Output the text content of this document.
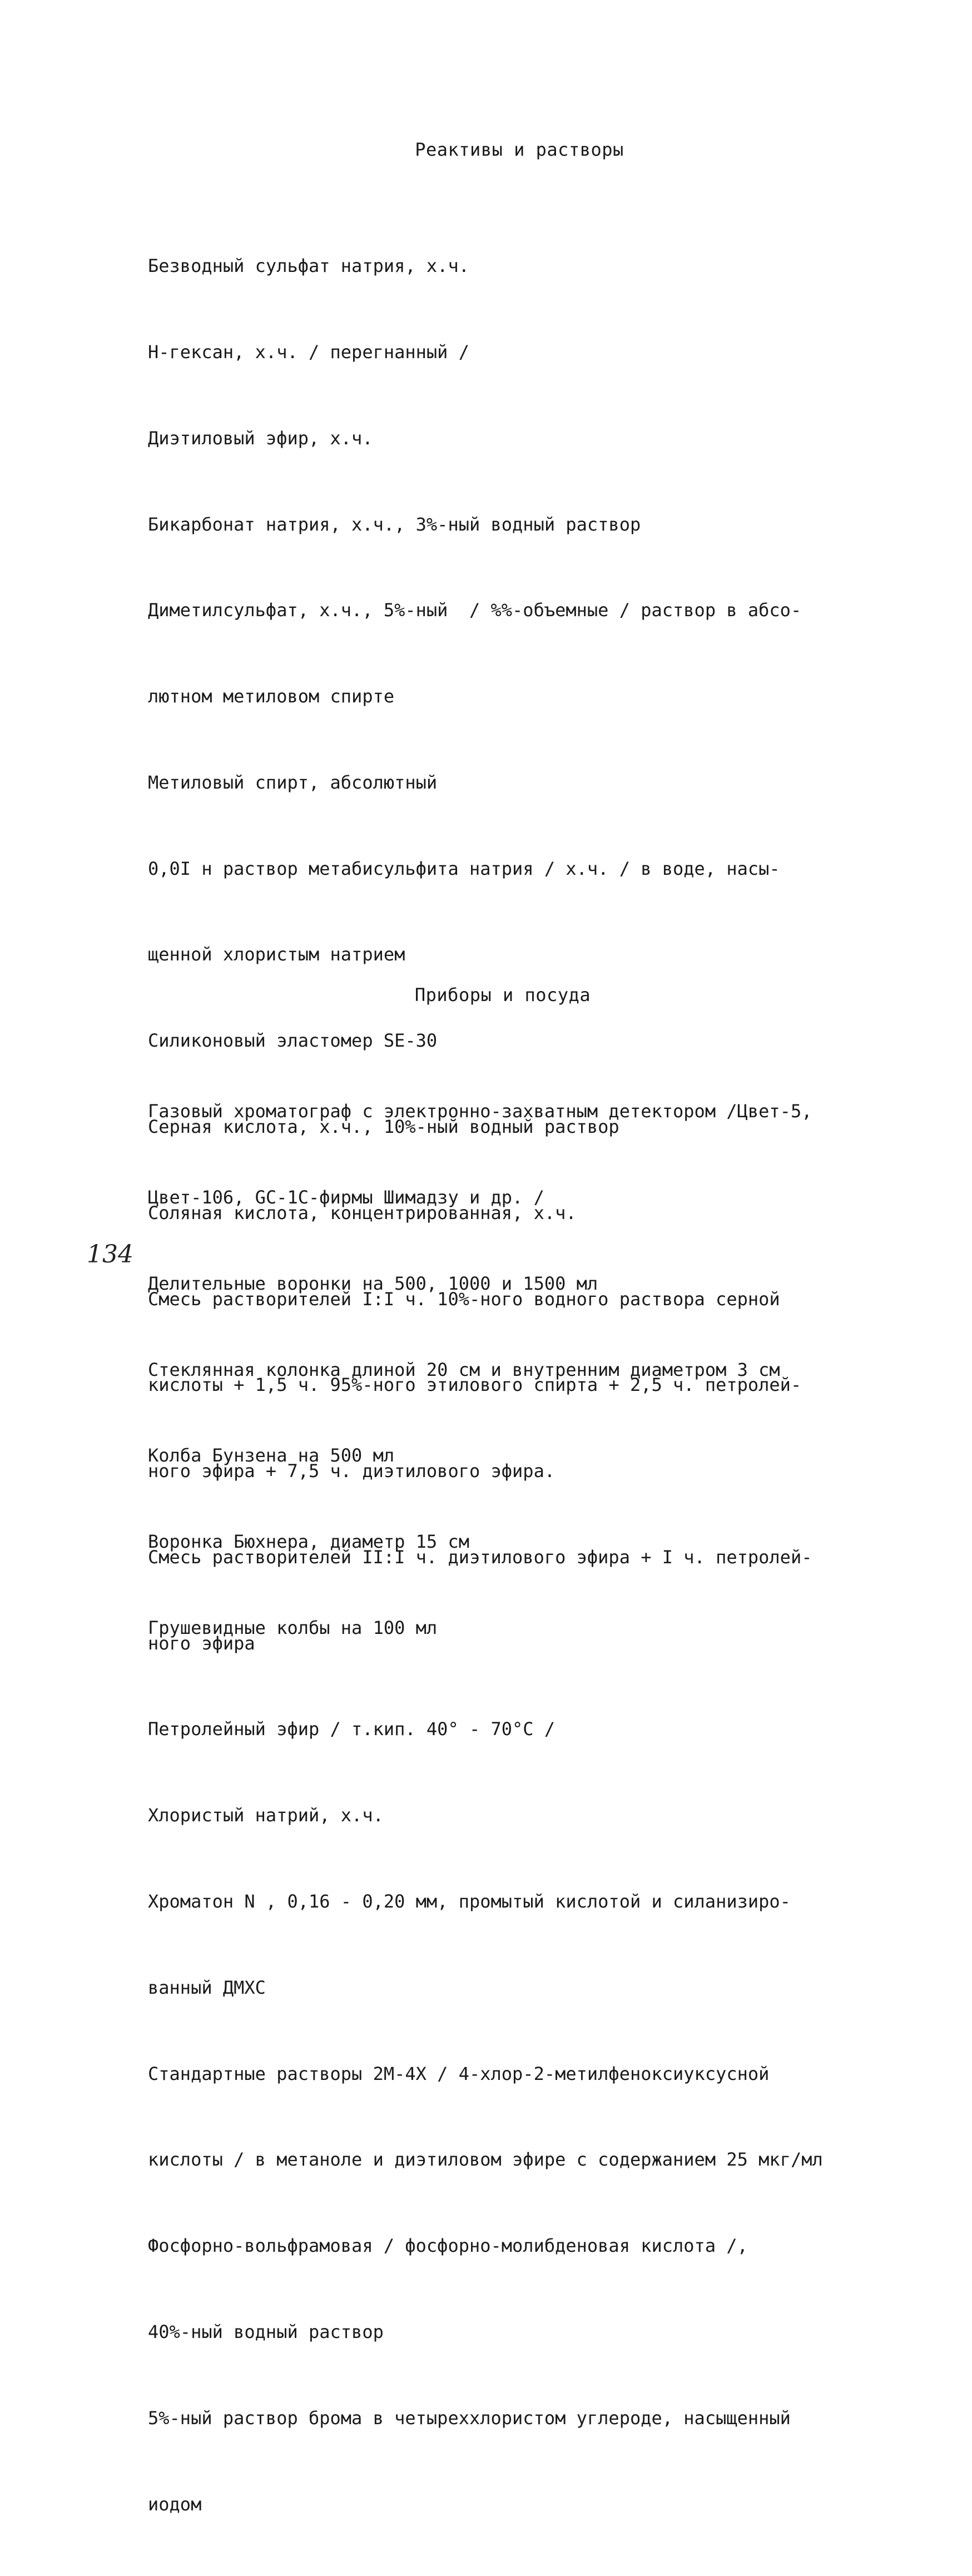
Реактивы и растворы

Безводный сульфат натрия, х.ч.

Н-гексан, х.ч. / перегнанный /

Диэтиловый эфир, х.ч.

Бикарбонат натрия, х.ч., 3%-ный водный раствор

Диметилсульфат, х.ч., 5%-ный  / %%-объемные / раствор в абсо-

лютном метиловом спирте

Метиловый спирт, абсолютный

0,0I н раствор метабисульфита натрия / х.ч. / в воде, насы-

щенной хлористым натрием

Силиконовый эластомер SE-30

Серная кислота, х.ч., 10%-ный водный раствор

Соляная кислота, концентрированная, х.ч.

Смесь растворителей I:I ч. 10%-ного водного раствора серной

кислоты + 1,5 ч. 95%-ного этилового спирта + 2,5 ч. петролей-

ного эфира + 7,5 ч. диэтилового эфира.

Смесь растворителей II:I ч. диэтилового эфира + I ч. петролей-

ного эфира

Петролейный эфир / т.кип. 40° - 70°С /

Хлористый натрий, х.ч.

Хроматон N , 0,16 - 0,20 мм, промытый кислотой и силанизиро-

ванный ДМХС

Стандартные растворы 2М-4Х / 4-хлор-2-метилфеноксиуксусной

кислоты / в метаноле и диэтиловом эфире с содержанием 25 мкг/мл

Фосфорно-вольфрамовая / фосфорно-молибденовая кислота /,

40%-ный водный раствор

5%-ный раствор брома в четыреххлористом углероде, насыщенный

иодом

Приборы и посуда

Газовый хроматограф с электронно-захватным детектором /Цвет-5,

Цвет-106, GC-1C-фирмы Шимадзу и др. /

Делительные воронки на 500, 1000 и 1500 мл

Стеклянная колонка длиной 20 см и внутренним диаметром 3 см

Колба Бунзена на 500 мл

Воронка Бюхнера, диаметр 15 см

Грушевидные колбы на 100 мл

134
